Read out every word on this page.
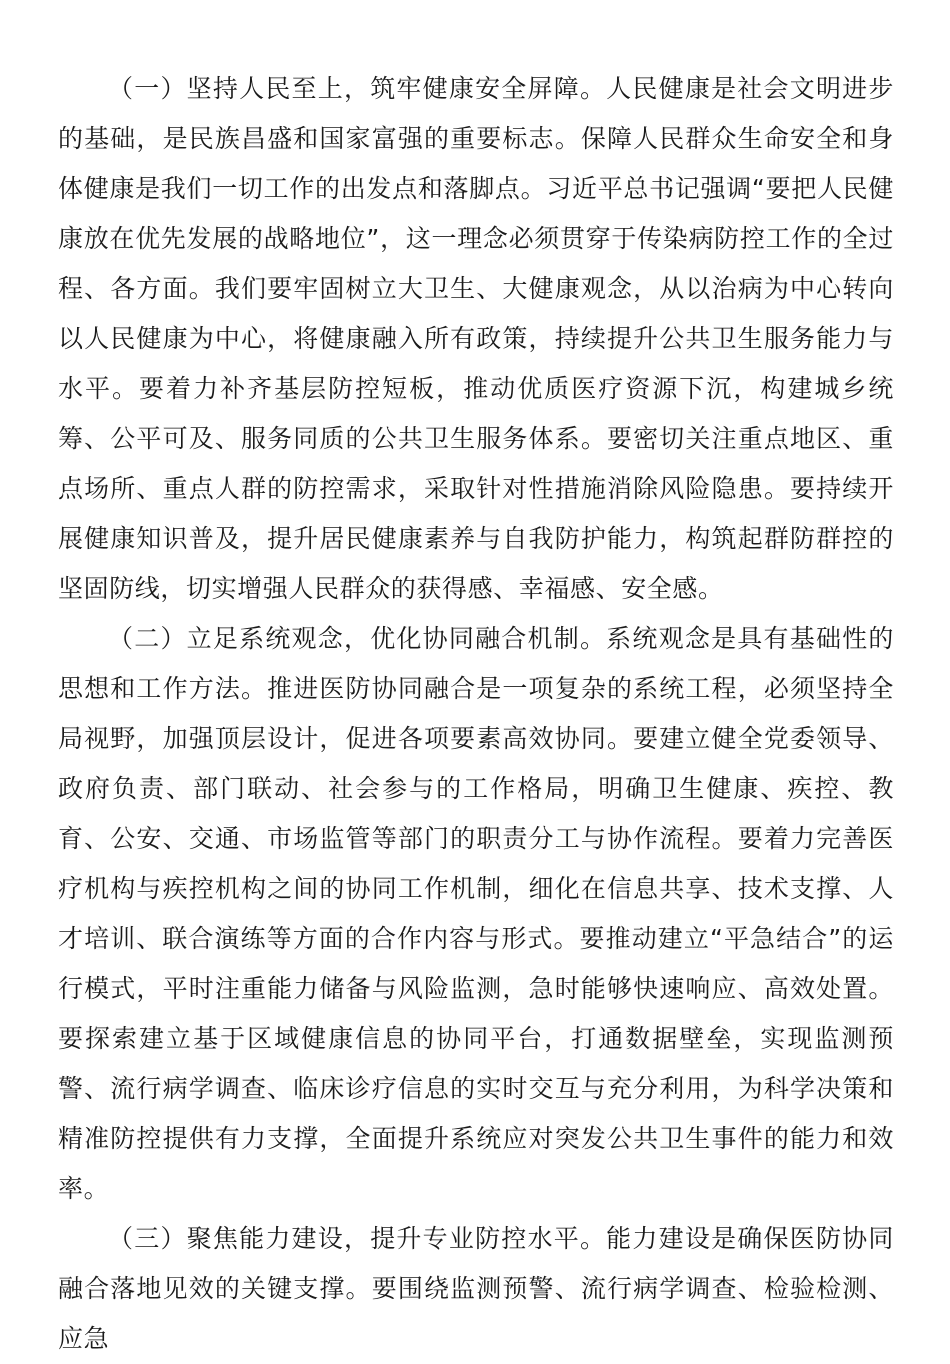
（一）坚持人民至上，筑牢健康安全屏障。人民健康是社会文明进步的基础，是民族昌盛和国家富强的重要标志。保障人民群众生命安全和身体健康是我们一切工作的出发点和落脚点。习近平总书记强调“要把人民健康放在优先发展的战略地位”，这一理念必须贯穿于传染病防控工作的全过程、各方面。我们要牢固树立大卫生、大健康观念，从以治病为中心转向以人民健康为中心，将健康融入所有政策，持续提升公共卫生服务能力与水平。要着力补齐基层防控短板，推动优质医疗资源下沉，构建城乡统筹、公平可及、服务同质的公共卫生服务体系。要密切关注重点地区、重点场所、重点人群的防控需求，采取针对性措施消除风险隐患。要持续开展健康知识普及，提升居民健康素养与自我防护能力，构筑起群防群控的坚固防线，切实增强人民群众的获得感、幸福感、安全感。

（二）立足系统观念，优化协同融合机制。系统观念是具有基础性的思想和工作方法。推进医防协同融合是一项复杂的系统工程，必须坚持全局视野，加强顶层设计，促进各项要素高效协同。要建立健全党委领导、政府负责、部门联动、社会参与的工作格局，明确卫生健康、疾控、教育、公安、交通、市场监管等部门的职责分工与协作流程。要着力完善医疗机构与疾控机构之间的协同工作机制，细化在信息共享、技术支撑、人才培训、联合演练等方面的合作内容与形式。要推动建立“平急结合”的运行模式，平时注重能力储备与风险监测，急时能够快速响应、高效处置。要探索建立基于区域健康信息的协同平台，打通数据壁垒，实现监测预警、流行病学调查、临床诊疗信息的实时交互与充分利用，为科学决策和精准防控提供有力支撑，全面提升系统应对突发公共卫生事件的能力和效率。

（三）聚焦能力建设，提升专业防控水平。能力建设是确保医防协同融合落地见效的关键支撑。要围绕监测预警、流行病学调查、检验检测、应急
